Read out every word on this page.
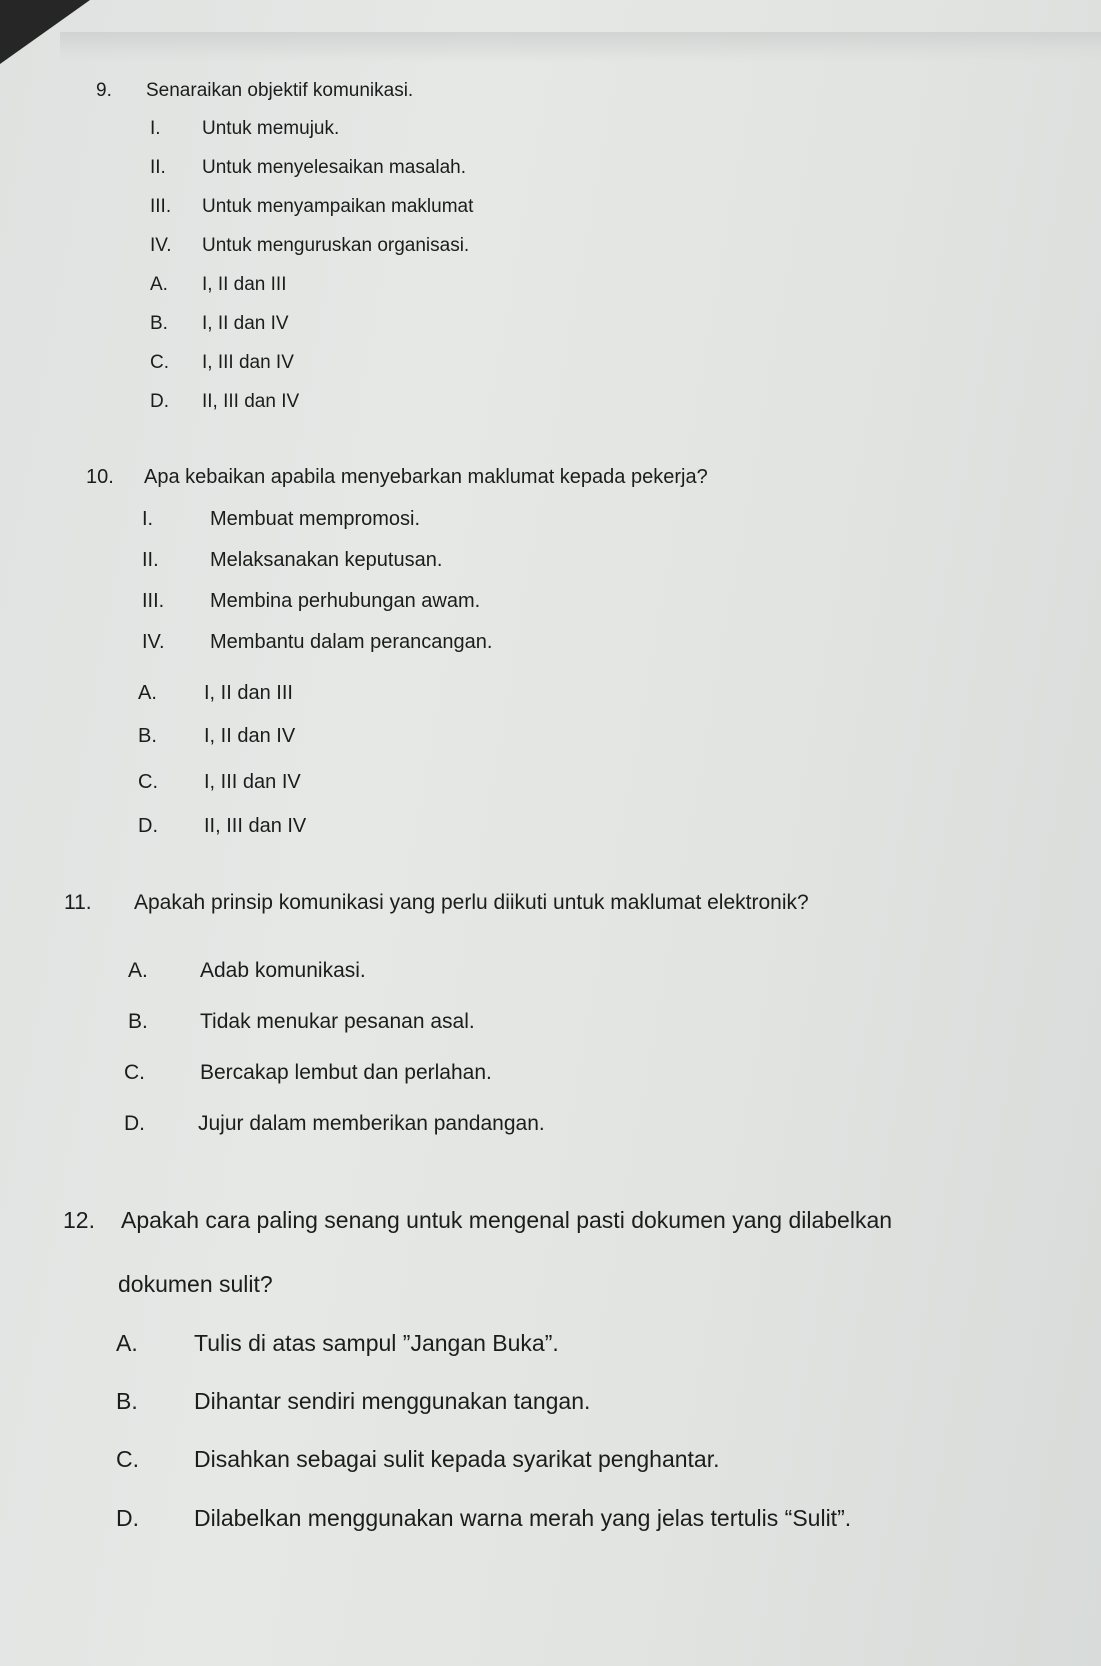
9. Senaraikan objektif komunikasi.
I. Untuk memujuk.
II. Untuk menyelesaikan masalah.
III. Untuk menyampaikan maklumat
IV. Untuk menguruskan organisasi.
A. I, II dan III
B. I, II dan IV
C. I, III dan IV
D. II, III dan IV
10. Apa kebaikan apabila menyebarkan maklumat kepada pekerja?
I.	Membuat mempromosi.
II.	Melaksanakan keputusan.
III. Membina perhubungan awam.
IV. Membantu dalam perancangan.
A. I, II dan III
B. I, II dan IV
C. I, III dan IV
D. II, III dan IV
11. Apakah prinsip komunikasi yang perlu diikuti untuk maklumat elektronik?
A. Adab komunikasi.
B. Tidak menukar pesanan asal.
C.	Bercakap lembut dan perlahan.
D.	Jujur dalam memberikan pandangan.
12. Apakah cara paling senang untuk mengenal pasti dokumen yang dilabelkan
dokumen sulit?
A. Tulis di atas sampul ”Jangan Buka”.
B. Dihantar sendiri menggunakan tangan.
C. Disahkan sebagai sulit kepada syarikat penghantar.
D. Dilabelkan menggunakan warna merah yang jelas tertulis “Sulit”.
